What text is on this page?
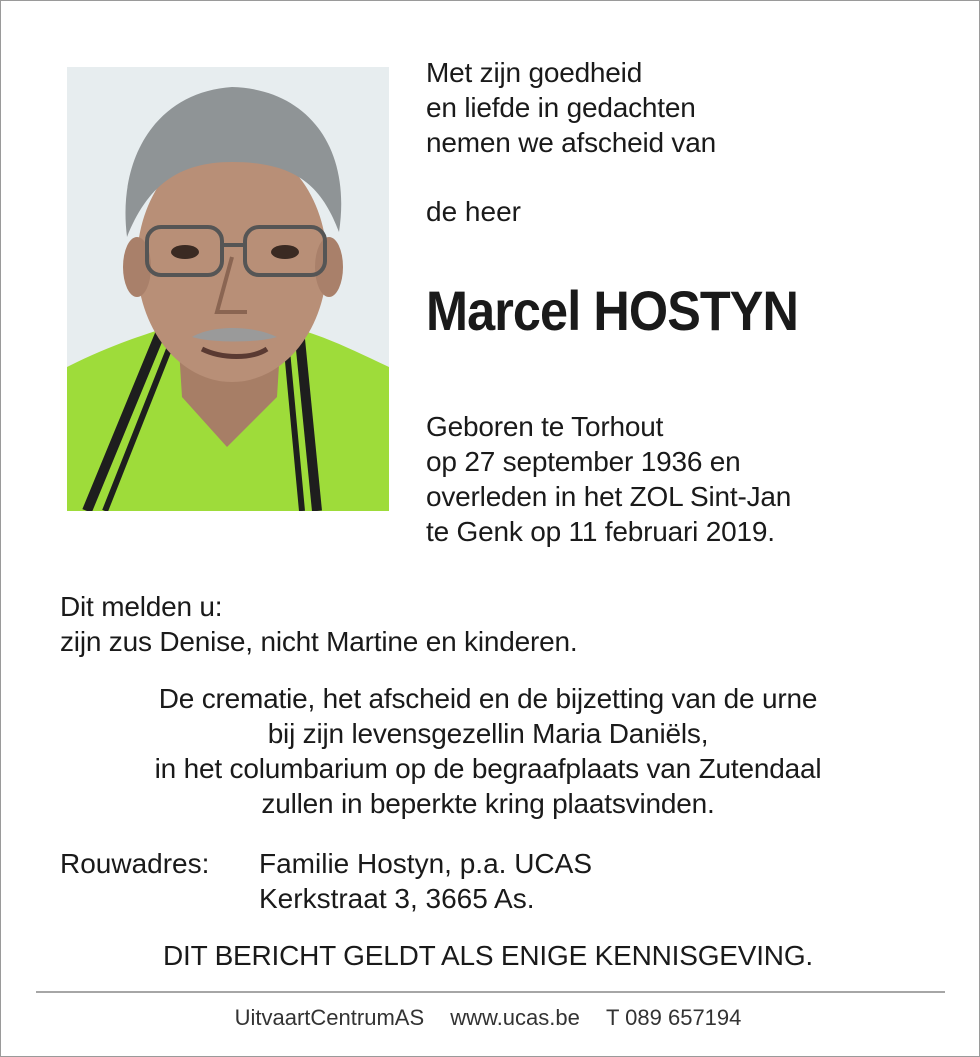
Met zijn goedheid
en liefde in gedachten
nemen we afscheid van
de heer
Marcel HOSTYN
Geboren te Torhout
op 27 september 1936 en
overleden in het ZOL Sint-Jan
te Genk op 11 februari 2019.
Dit melden u:
zijn zus Denise, nicht Martine en kinderen.
De crematie, het afscheid en de bijzetting van de urne
bij zijn levensgezellin Maria Daniëls,
in het columbarium op de begraafplaats van Zutendaal
zullen in beperkte kring plaatsvinden.
Rouwadres: Familie Hostyn, p.a. UCAS
Kerkstraat 3, 3665 As.
DIT BERICHT GELDT ALS ENIGE KENNISGEVING.
UitvaartCentrumAS www.ucas.be T 089 657194
